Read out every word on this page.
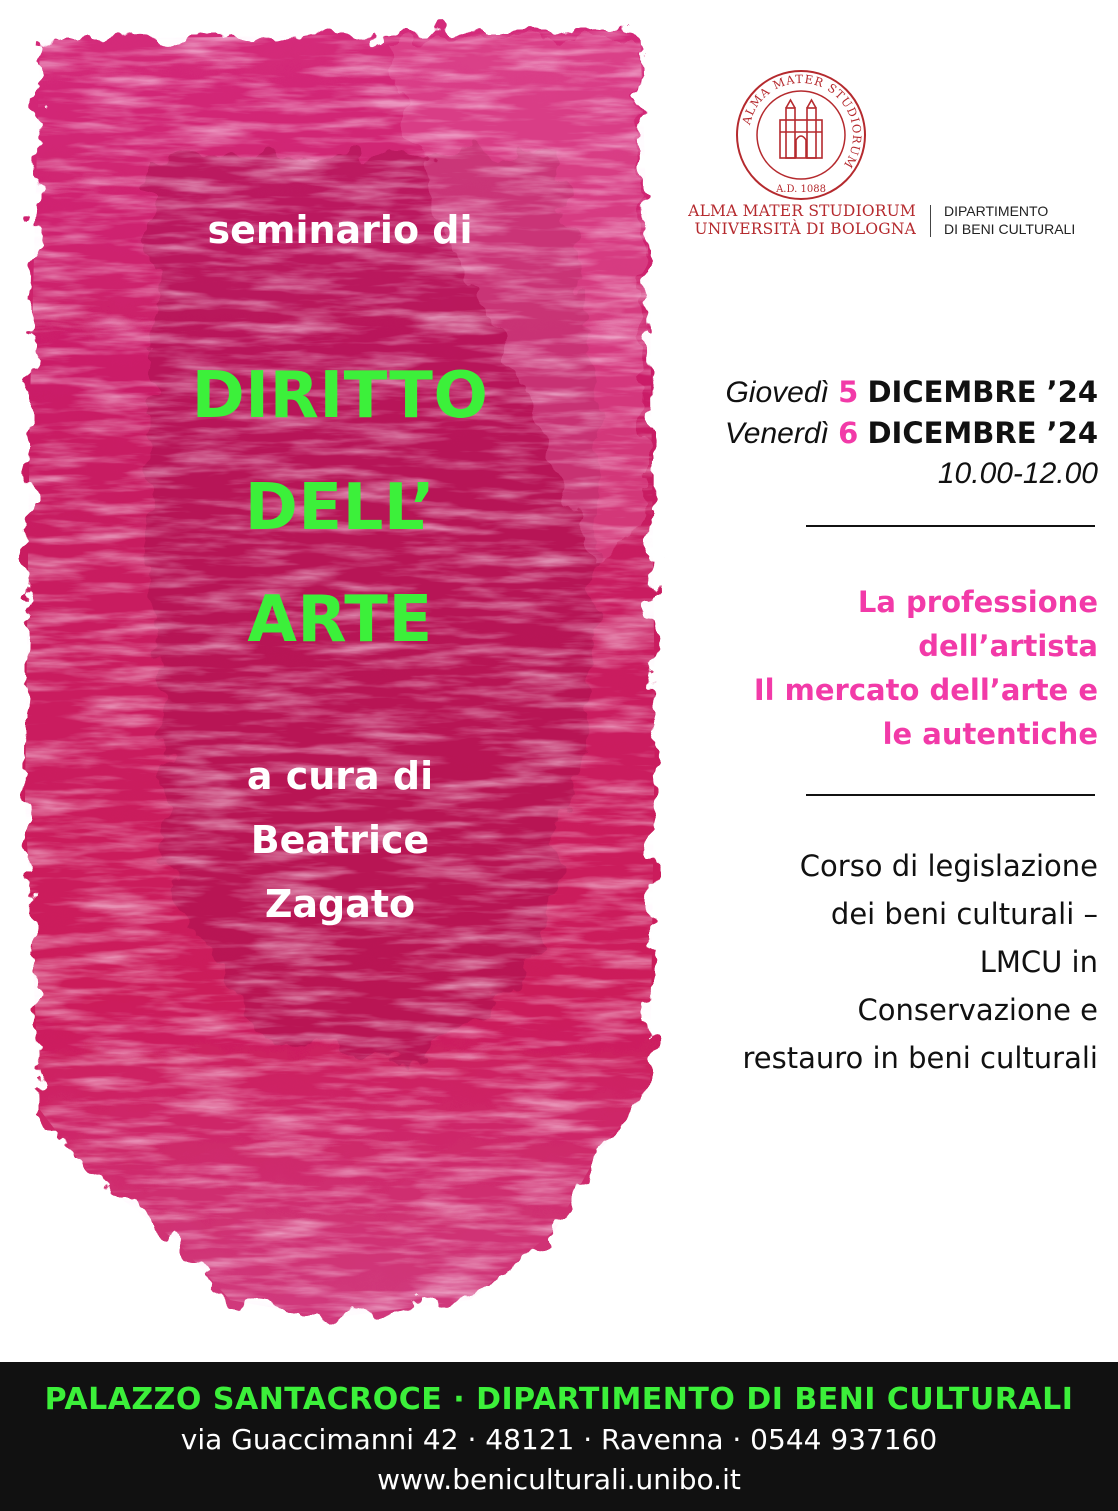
seminario di
DIRITTO
DELL’
ARTE
a cura di
Beatrice
Zagato
ALMA MATER STUDIORUM
A.D. 1088
ALMA MATER STUDIORUM
UNIVERSITÀ DI BOLOGNA
DIPARTIMENTO
DI BENI CULTURALI
Giovedì 5 DICEMBRE ’24
Venerdì 6 DICEMBRE ’24
10.00-12.00
La professione
dell’artista
Il mercato dell’arte e
le autentiche
Corso di legislazione
dei beni culturali –
LMCU in
Conservazione e
restauro in beni culturali
PALAZZO SANTACROCE · DIPARTIMENTO DI BENI CULTURALI
via Guaccimanni 42 · 48121 · Ravenna · 0544 937160
www.beniculturali.unibo.it
